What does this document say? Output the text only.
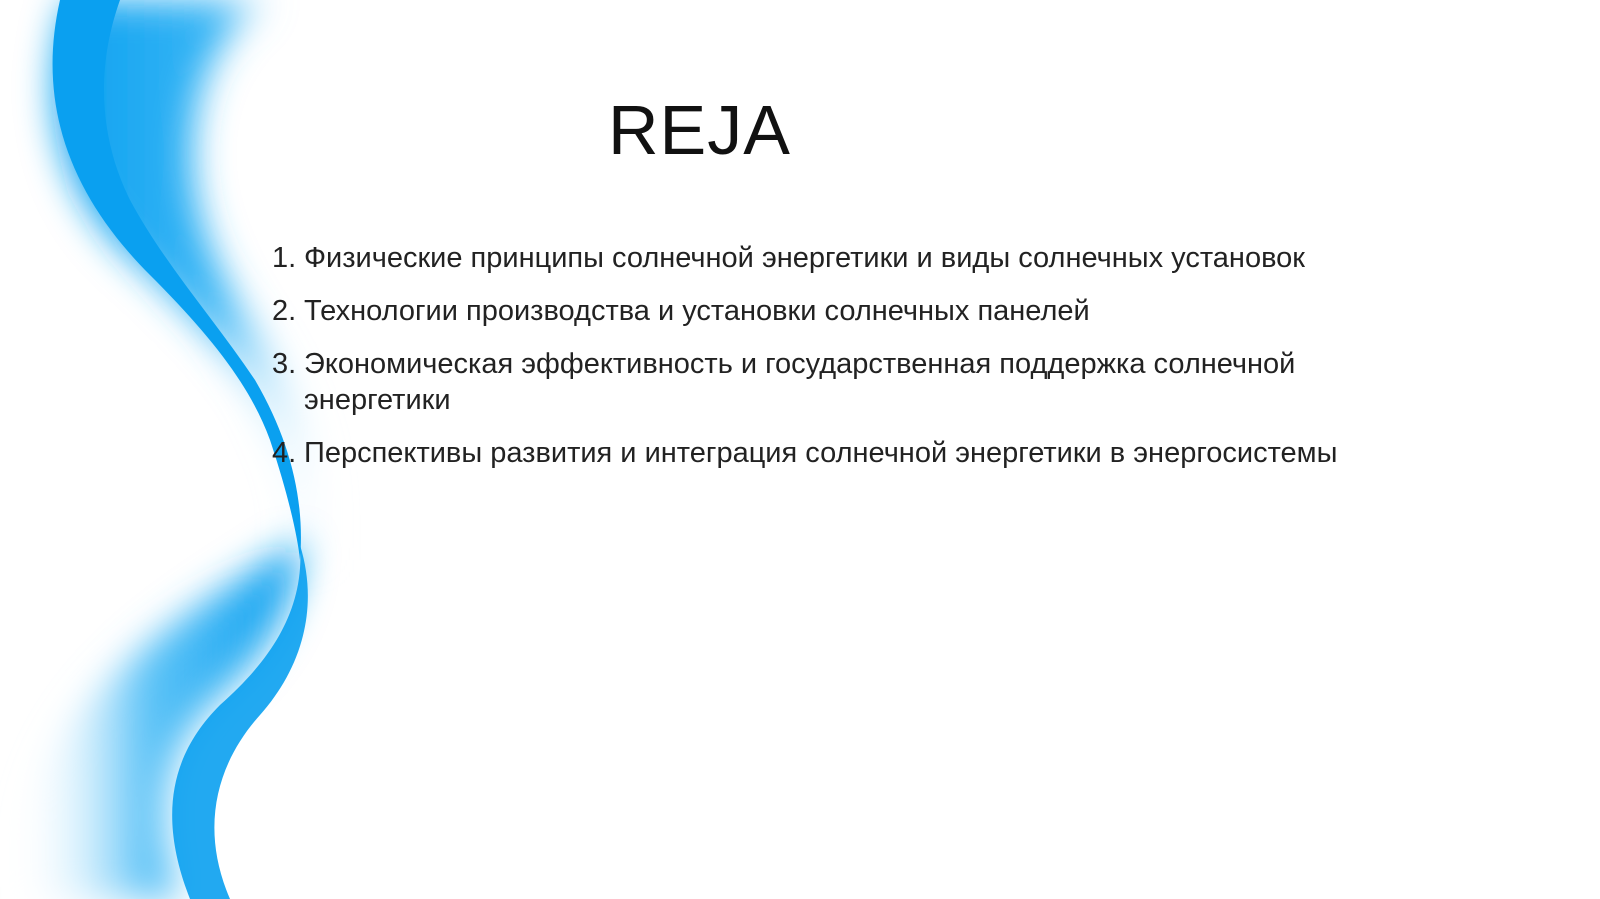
REJA
1. Физические принципы солнечной энергетики и виды солнечных установок
2. Технологии производства и установки солнечных панелей
3. Экономическая эффективность и государственная поддержка солнечной энергетики
4. Перспективы развития и интеграция солнечной энергетики в энергосистемы
